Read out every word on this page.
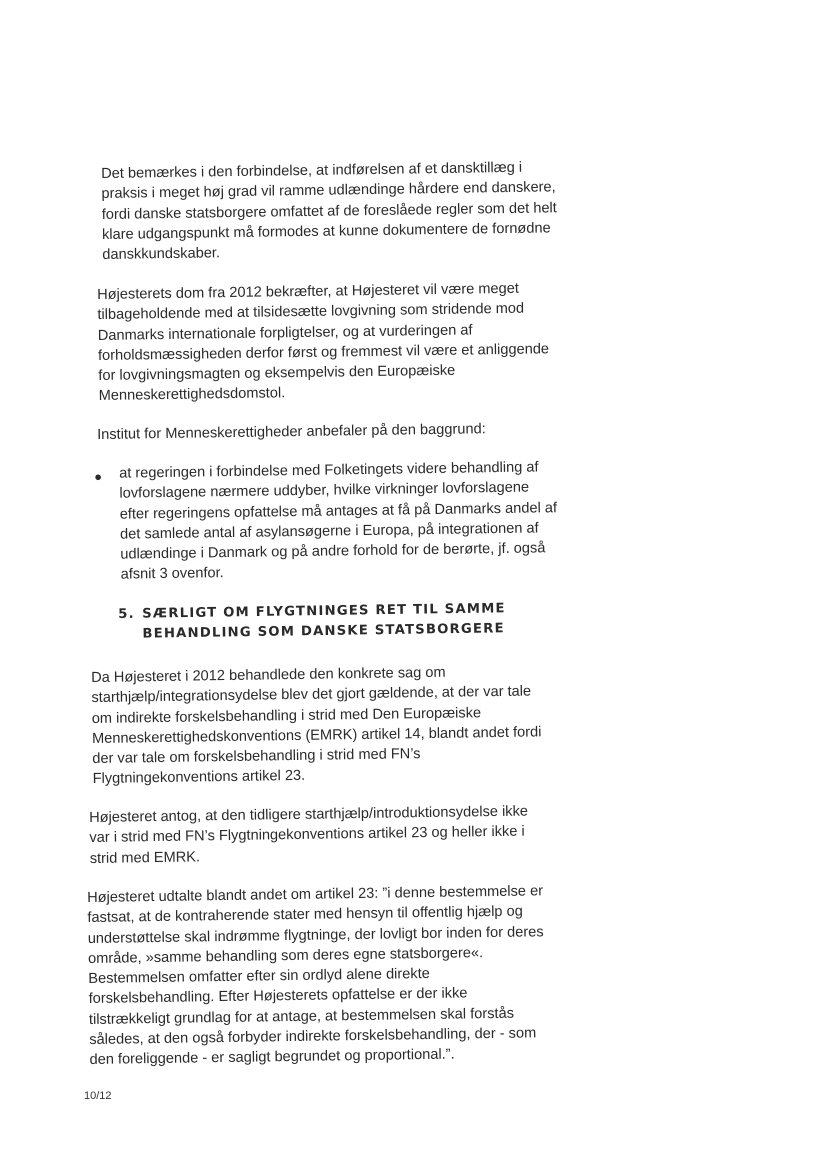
Det bemærkes i den forbindelse, at indførelsen af et dansktillæg i
praksis i meget høj grad vil ramme udlændinge hårdere end danskere,
fordi danske statsborgere omfattet af de foreslåede regler som det helt
klare udgangspunkt må formodes at kunne dokumentere de fornødne
danskkundskaber.
Højesterets dom fra 2012 bekræfter, at Højesteret vil være meget
tilbageholdende med at tilsidesætte lovgivning som stridende mod
Danmarks internationale forpligtelser, og at vurderingen af
forholdsmæssigheden derfor først og fremmest vil være et anliggende
for lovgivningsmagten og eksempelvis den Europæiske
Menneskerettighedsdomstol.
Institut for Menneskerettigheder anbefaler på den baggrund:
● at regeringen i forbindelse med Folketingets videre behandling af
lovforslagene nærmere uddyber, hvilke virkninger lovforslagene
efter regeringens opfattelse må antages at få på Danmarks andel af
det samlede antal af asylansøgerne i Europa, på integrationen af
udlændinge i Danmark og på andre forhold for de berørte, jf. også
afsnit 3 ovenfor.
5. SÆRLIGT OM FLYGTNINGES RET TIL SAMME
BEHANDLING SOM DANSKE STATSBORGERE
Da Højesteret i 2012 behandlede den konkrete sag om
starthjælp/integrationsydelse blev det gjort gældende, at der var tale
om indirekte forskelsbehandling i strid med Den Europæiske
Menneskerettighedskonventions (EMRK) artikel 14, blandt andet fordi
der var tale om forskelsbehandling i strid med FN’s
Flygtningekonventions artikel 23.
Højesteret antog, at den tidligere starthjælp/introduktionsydelse ikke
var i strid med FN’s Flygtningekonventions artikel 23 og heller ikke i
strid med EMRK.
Højesteret udtalte blandt andet om artikel 23: ”i denne bestemmelse er
fastsat, at de kontraherende stater med hensyn til offentlig hjælp og
understøttelse skal indrømme flygtninge, der lovligt bor inden for deres
område, »samme behandling som deres egne statsborgere«.
Bestemmelsen omfatter efter sin ordlyd alene direkte
forskelsbehandling. Efter Højesterets opfattelse er der ikke
tilstrækkeligt grundlag for at antage, at bestemmelsen skal forstås
således, at den også forbyder indirekte forskelsbehandling, der - som
den foreliggende - er sagligt begrundet og proportional.”.
10/12
